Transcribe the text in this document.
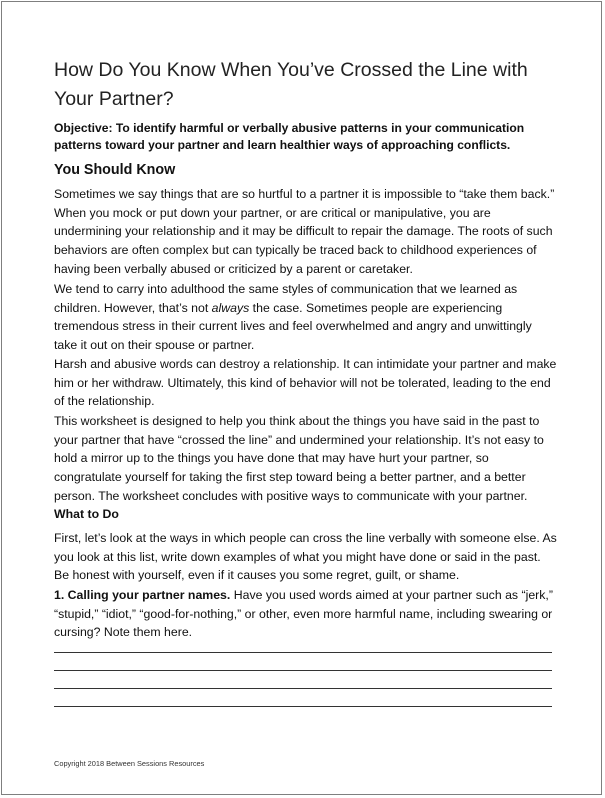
How Do You Know When You’ve Crossed the Line with Your Partner?

Objective: To identify harmful or verbally abusive patterns in your communication patterns toward your partner and learn healthier ways of approaching conflicts.

You Should Know

Sometimes we say things that are so hurtful to a partner it is impossible to “take them back.” When you mock or put down your partner, or are critical or manipulative, you are undermining your relationship and it may be difficult to repair the damage. The roots of such behaviors are often complex but can typically be traced back to childhood experiences of having been verbally abused or criticized by a parent or caretaker.

We tend to carry into adulthood the same styles of communication that we learned as children. However, that’s not always the case. Sometimes people are experiencing tremendous stress in their current lives and feel overwhelmed and angry and unwittingly take it out on their spouse or partner.

Harsh and abusive words can destroy a relationship. It can intimidate your partner and make him or her withdraw. Ultimately, this kind of behavior will not be tolerated, leading to the end of the relationship.

This worksheet is designed to help you think about the things you have said in the past to your partner that have “crossed the line” and undermined your relationship. It’s not easy to hold a mirror up to the things you have done that may have hurt your partner, so congratulate yourself for taking the first step toward being a better partner, and a better person. The worksheet concludes with positive ways to communicate with your partner.

What to Do

First, let’s look at the ways in which people can cross the line verbally with someone else. As you look at this list, write down examples of what you might have done or said in the past. Be honest with yourself, even if it causes you some regret, guilt, or shame.

1. Calling your partner names. Have you used words aimed at your partner such as “jerk,” “stupid,” “idiot,” “good-for-nothing,” or other, even more harmful name, including swearing or cursing? Note them here.

Copyright 2018 Between Sessions Resources
